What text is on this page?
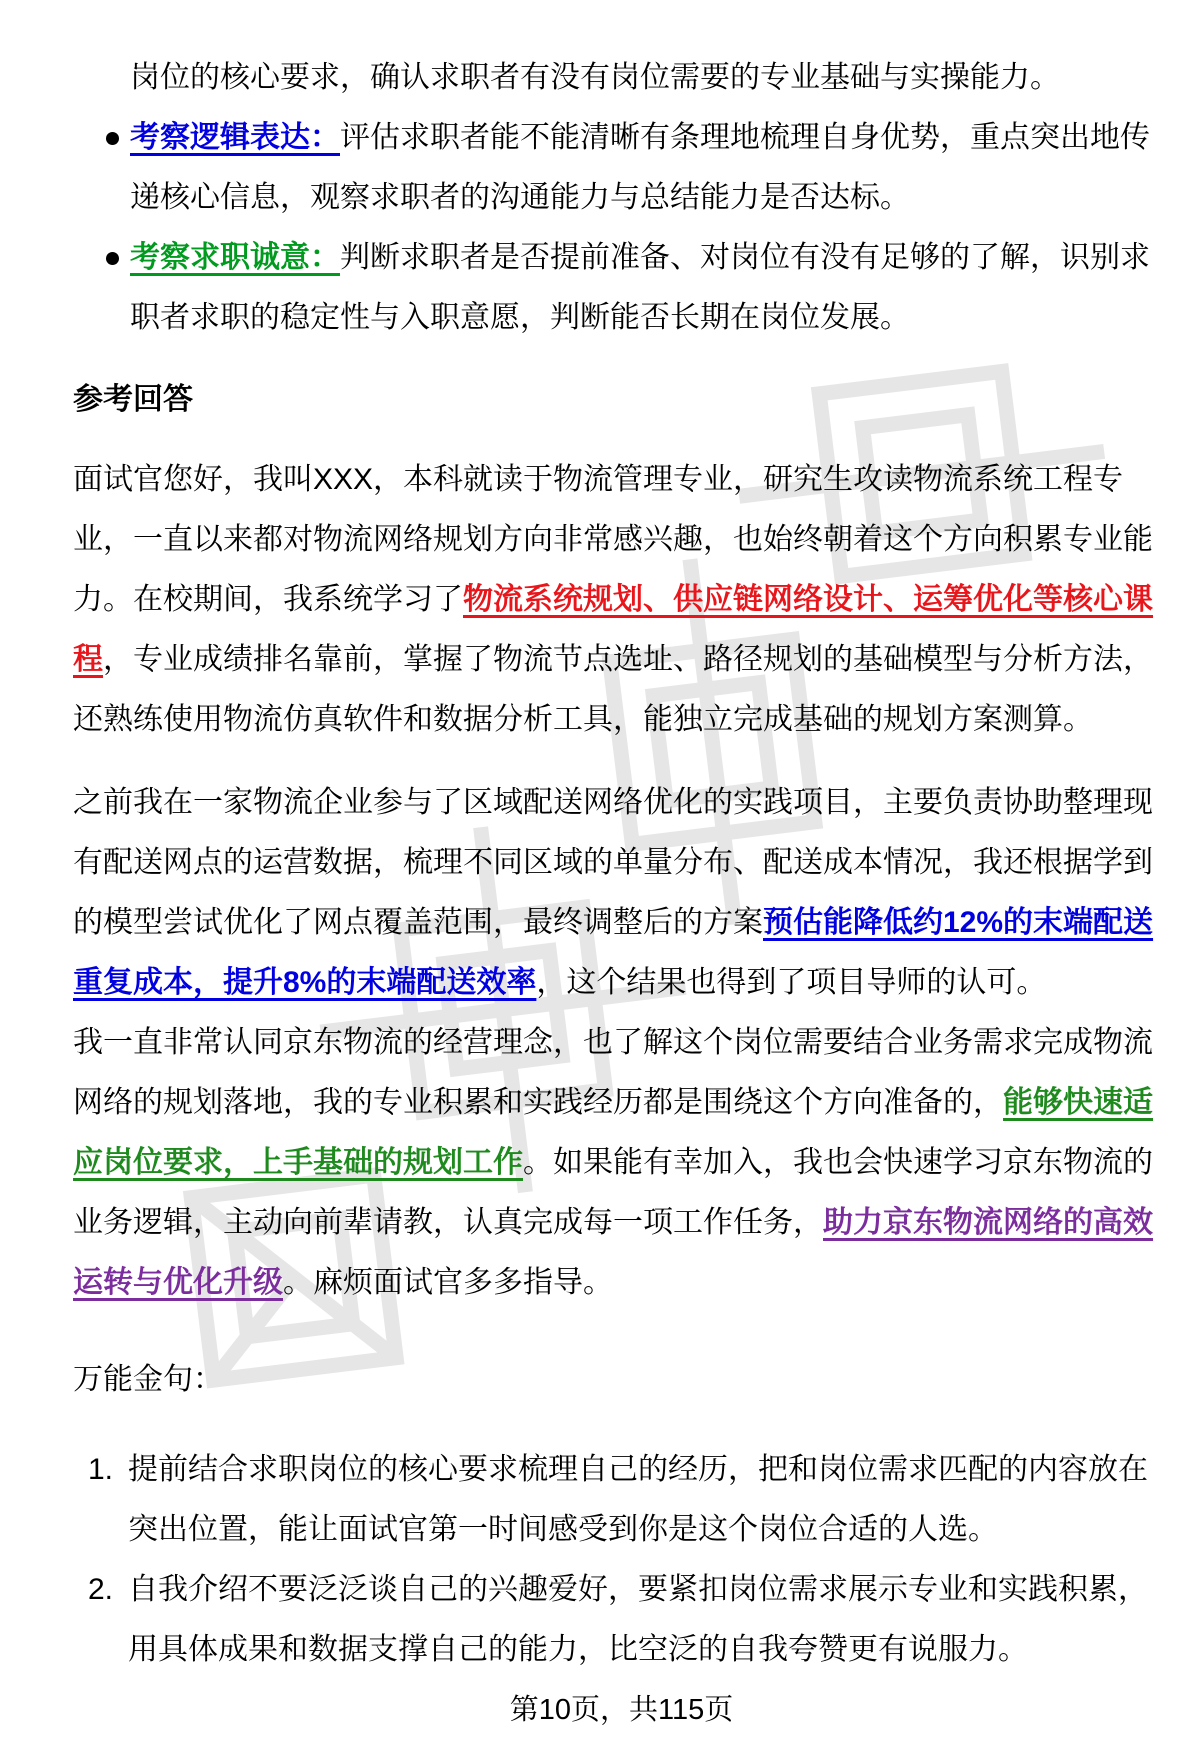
岗位的核心要求，确认求职者有没有岗位需要的专业基础与实操能力。
考察逻辑表达：评估求职者能不能清晰有条理地梳理自身优势，重点突出地传
递核心信息，观察求职者的沟通能力与总结能力是否达标。
考察求职诚意：判断求职者是否提前准备、对岗位有没有足够的了解，识别求
职者求职的稳定性与入职意愿，判断能否长期在岗位发展。
参考回答
面试官您好，我叫XXX，本科就读于物流管理专业，研究生攻读物流系统工程专
业，一直以来都对物流网络规划方向非常感兴趣，也始终朝着这个方向积累专业能
力。在校期间，我系统学习了物流系统规划、供应链网络设计、运筹优化等核心课
程，专业成绩排名靠前，掌握了物流节点选址、路径规划的基础模型与分析方法，
还熟练使用物流仿真软件和数据分析工具，能独立完成基础的规划方案测算。
之前我在一家物流企业参与了区域配送网络优化的实践项目，主要负责协助整理现
有配送网点的运营数据，梳理不同区域的单量分布、配送成本情况，我还根据学到
的模型尝试优化了网点覆盖范围，最终调整后的方案预估能降低约12%的末端配送
重复成本，提升8%的末端配送效率，这个结果也得到了项目导师的认可。
我一直非常认同京东物流的经营理念，也了解这个岗位需要结合业务需求完成物流
网络的规划落地，我的专业积累和实践经历都是围绕这个方向准备的，能够快速适
应岗位要求，上手基础的规划工作。如果能有幸加入，我也会快速学习京东物流的
业务逻辑，主动向前辈请教，认真完成每一项工作任务，助力京东物流网络的高效
运转与优化升级。麻烦面试官多多指导。
万能金句：
1. 提前结合求职岗位的核心要求梳理自己的经历，把和岗位需求匹配的内容放在
突出位置，能让面试官第一时间感受到你是这个岗位合适的人选。
2. 自我介绍不要泛泛谈自己的兴趣爱好，要紧扣岗位需求展示专业和实践积累，
用具体成果和数据支撑自己的能力，比空泛的自我夸赞更有说服力。
第10页，共115页
